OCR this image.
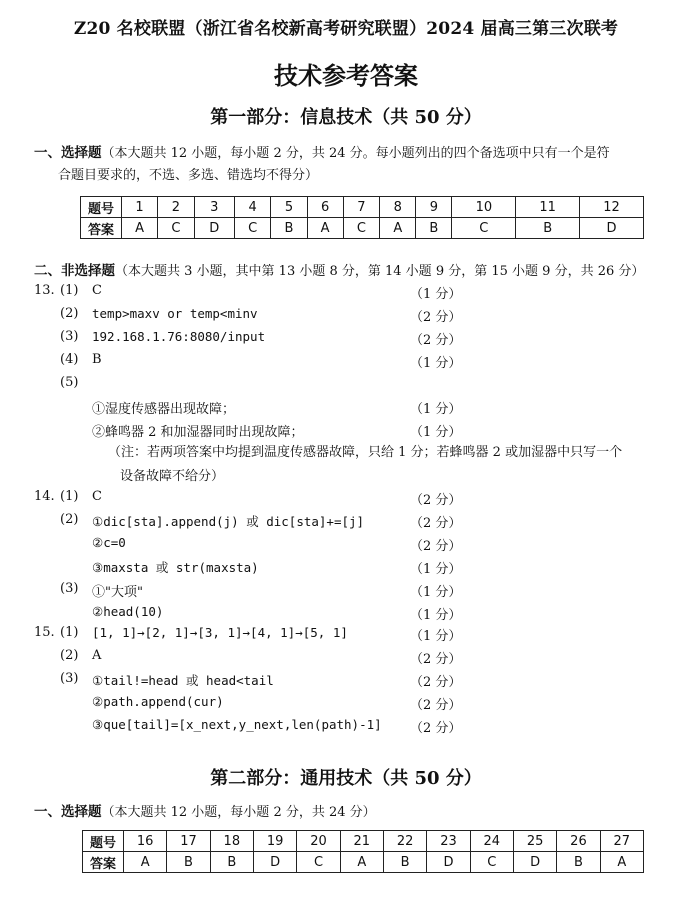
Z20 名校联盟（浙江省名校新高考研究联盟）2024 届高三第三次联考
技术参考答案
第一部分：信息技术（共 50 分）
一、选择题（本大题共 12 小题，每小题 2 分，共 24 分。每小题列出的四个备选项中只有一个是符
合题目要求的，不选、多选、错选均不得分）
题号	1	2	3	4	5	6	7	8	9	10	11	12
答案	A	C	D	C	B	A	C	A	B	C	B	D
二、非选择题（本大题共 3 小题，其中第 13 小题 8 分，第 14 小题 9 分，第 15 小题 9 分，共 26 分）
13. (1) C	（1 分）
(2) temp>maxv or temp<minv	（2 分）
(3) 192.168.1.76:8080/input	（2 分）
(4) B	（1 分）
(5)
①湿度传感器出现故障；	（1 分）
②蜂鸣器 2 和加湿器同时出现故障；	（1 分）
（注：若两项答案中均提到温度传感器故障，只给 1 分；若蜂鸣器 2 或加湿器中只写一个
设备故障不给分）
14. (1) C	（2 分）
(2) ①dic[sta].append(j) 或 dic[sta]+=[j]	（2 分）
②c=0	（2 分）
③maxsta 或 str(maxsta)	（1 分）
(3) ①"大项"	（1 分）
②head(10)	（1 分）
15. (1) [1, 1]→[2, 1]→[3, 1]→[4, 1]→[5, 1]	（1 分）
(2) A	（2 分）
(3) ①tail!=head 或 head<tail	（2 分）
②path.append(cur)	（2 分）
③que[tail]=[x_next,y_next,len(path)-1] （2 分）
第二部分：通用技术（共 50 分）
一、选择题（本大题共 12 小题，每小题 2 分，共 24 分）
题号	16	17	18	19	20	21	22	23	24	25	26	27
答案	A	B	B	D	C	A	B	D	C	D	B	A
